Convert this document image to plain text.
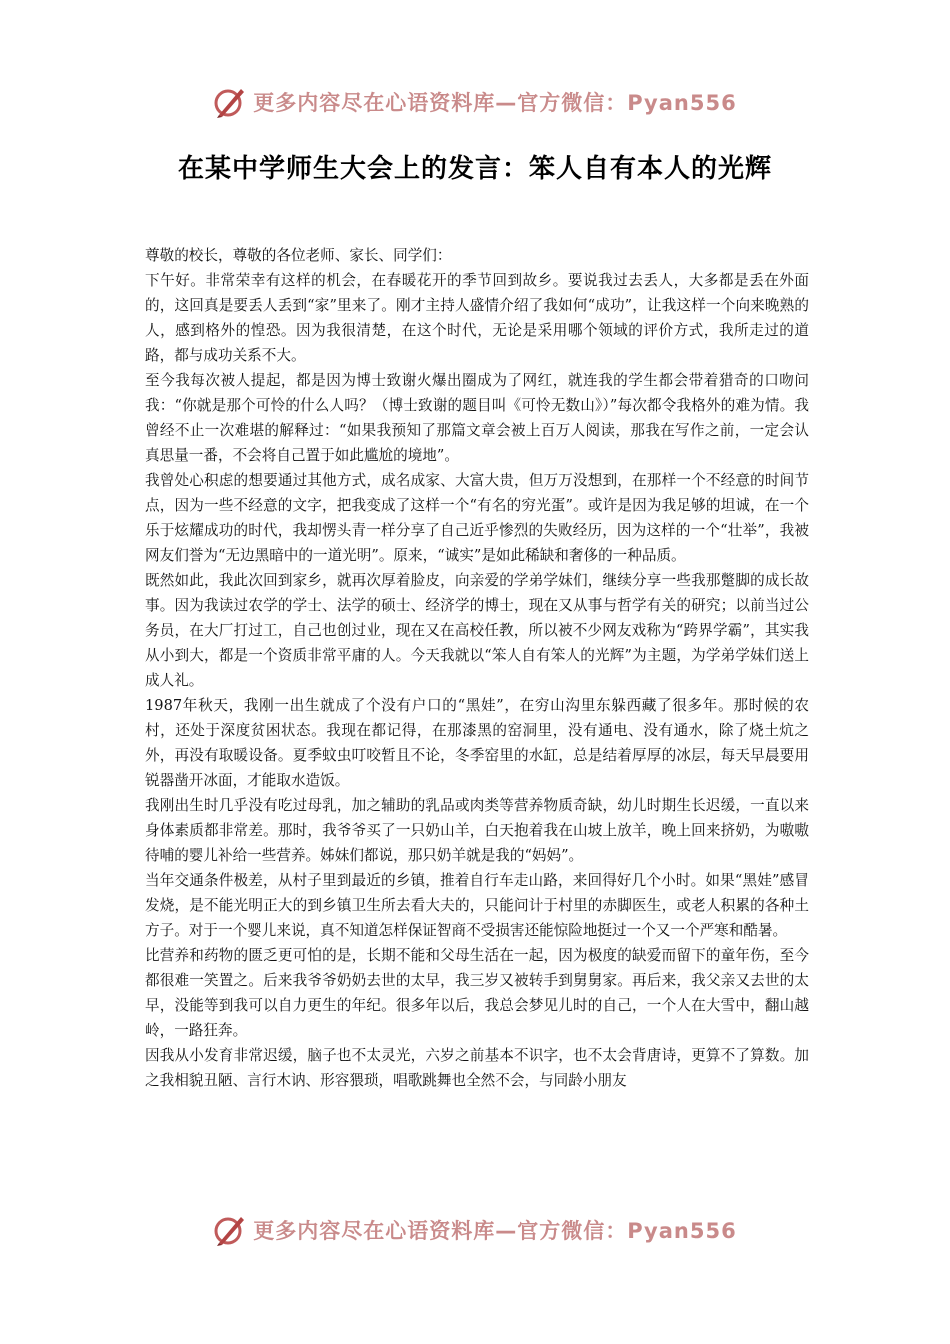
更多内容尽在心语资料库—官方微信：Pyan556
在某中学师生大会上的发言：笨人自有本人的光辉

尊敬的校长，尊敬的各位老师、家长、同学们：

下午好。非常荣幸有这样的机会，在春暖花开的季节回到故乡。要说我过去丢人，大多都是丢在外面的，这回真是要丢人丢到“家”里来了。刚才主持人盛情介绍了我如何“成功”，让我这样一个向来晚熟的人，感到格外的惶恐。因为我很清楚，在这个时代，无论是采用哪个领域的评价方式，我所走过的道路，都与成功关系不大。

至今我每次被人提起，都是因为博士致谢火爆出圈成为了网红，就连我的学生都会带着猎奇的口吻问我：“你就是那个可怜的什么人吗？（博士致谢的题目叫《可怜无数山》）”每次都令我格外的难为情。我曾经不止一次难堪的解释过：“如果我预知了那篇文章会被上百万人阅读，那我在写作之前，一定会认真思量一番，不会将自己置于如此尴尬的境地”。

我曾处心积虑的想要通过其他方式，成名成家、大富大贵，但万万没想到，在那样一个不经意的时间节点，因为一些不经意的文字，把我变成了这样一个“有名的穷光蛋”。或许是因为我足够的坦诚，在一个乐于炫耀成功的时代，我却愣头青一样分享了自己近乎惨烈的失败经历，因为这样的一个“壮举”，我被网友们誉为“无边黑暗中的一道光明”。原来，“诚实”是如此稀缺和奢侈的一种品质。

既然如此，我此次回到家乡，就再次厚着脸皮，向亲爱的学弟学妹们，继续分享一些我那蹩脚的成长故事。因为我读过农学的学士、法学的硕士、经济学的博士，现在又从事与哲学有关的研究；以前当过公务员，在大厂打过工，自己也创过业，现在又在高校任教，所以被不少网友戏称为“跨界学霸”，其实我从小到大，都是一个资质非常平庸的人。今天我就以“笨人自有笨人的光辉”为主题，为学弟学妹们送上成人礼。

1987年秋天，我刚一出生就成了个没有户口的“黑娃”，在穷山沟里东躲西藏了很多年。那时候的农村，还处于深度贫困状态。我现在都记得，在那漆黑的窑洞里，没有通电、没有通水，除了烧土炕之外，再没有取暖设备。夏季蚊虫叮咬暂且不论，冬季窑里的水缸，总是结着厚厚的冰层，每天早晨要用锐器凿开冰面，才能取水造饭。

我刚出生时几乎没有吃过母乳，加之辅助的乳品或肉类等营养物质奇缺，幼儿时期生长迟缓，一直以来身体素质都非常差。那时，我爷爷买了一只奶山羊，白天抱着我在山坡上放羊，晚上回来挤奶，为嗷嗷待哺的婴儿补给一些营养。姊妹们都说，那只奶羊就是我的“妈妈”。

当年交通条件极差，从村子里到最近的乡镇，推着自行车走山路，来回得好几个小时。如果“黑娃”感冒发烧，是不能光明正大的到乡镇卫生所去看大夫的，只能问计于村里的赤脚医生，或老人积累的各种土方子。对于一个婴儿来说，真不知道怎样保证智商不受损害还能惊险地挺过一个又一个严寒和酷暑。

比营养和药物的匮乏更可怕的是，长期不能和父母生活在一起，因为极度的缺爱而留下的童年伤，至今都很难一笑置之。后来我爷爷奶奶去世的太早，我三岁又被转手到舅舅家。再后来，我父亲又去世的太早，没能等到我可以自力更生的年纪。很多年以后，我总会梦见儿时的自己，一个人在大雪中，翻山越岭，一路狂奔。

因我从小发育非常迟缓，脑子也不太灵光，六岁之前基本不识字，也不太会背唐诗，更算不了算数。加之我相貌丑陋、言行木讷、形容猥琐，唱歌跳舞也全然不会，与同龄小朋友

更多内容尽在心语资料库—官方微信：Pyan556
